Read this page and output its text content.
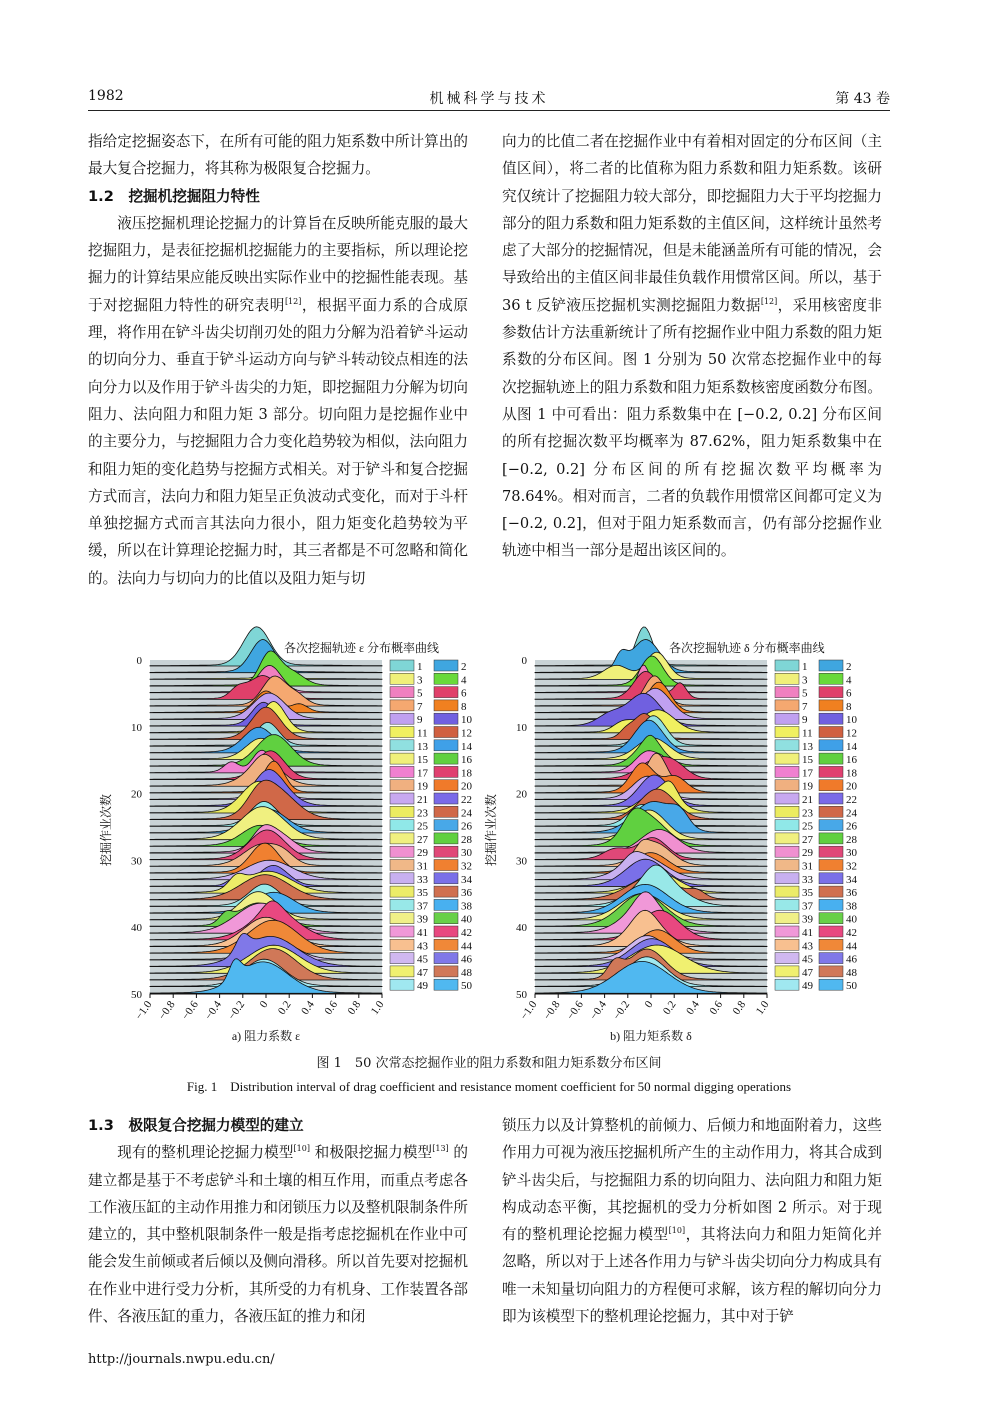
1982	机械科学与技术	第 43 卷

指给定挖掘姿态下，在所有可能的阻力矩系数中所计算出的最大复合挖掘力，将其称为极限复合挖掘力。

1.2　挖掘机挖掘阻力特性

液压挖掘机理论挖掘力的计算旨在反映所能克服的最大挖掘阻力，是表征挖掘机挖掘能力的主要指标，所以理论挖掘力的计算结果应能反映出实际作业中的挖掘性能表现。基于对挖掘阻力特性的研究表明[12]，根据平面力系的合成原理，将作用在铲斗齿尖切削刃处的阻力分解为沿着铲斗运动的切向分力、垂直于铲斗运动方向与铲斗转动铰点相连的法向分力以及作用于铲斗齿尖的力矩，即挖掘阻力分解为切向阻力、法向阻力和阻力矩 3 部分。切向阻力是挖掘作业中的主要分力，与挖掘阻力合力变化趋势较为相似，法向阻力和阻力矩的变化趋势与挖掘方式相关。对于铲斗和复合挖掘方式而言，法向力和阻力矩呈正负波动式变化，而对于斗杆单独挖掘方式而言其法向力很小，阻力矩变化趋势较为平缓，所以在计算理论挖掘力时，其三者都是不可忽略和简化的。法向力与切向力的比值以及阻力矩与切

向力的比值二者在挖掘作业中有着相对固定的分布区间（主值区间），将二者的比值称为阻力系数和阻力矩系数。该研究仅统计了挖掘阻力较大部分，即挖掘阻力大于平均挖掘力部分的阻力系数和阻力矩系数的主值区间，这样统计虽然考虑了大部分的挖掘情况，但是未能涵盖所有可能的情况，会导致给出的主值区间非最佳负载作用惯常区间。所以，基于 36 t 反铲液压挖掘机实测挖掘阻力数据[12]，采用核密度非参数估计方法重新统计了所有挖掘作业中阻力系数的阻力矩系数的分布区间。图 1 分别为 50 次常态挖掘作业中的每次挖掘轨迹上的阻力系数和阻力矩系数核密度函数分布图。从图 1 中可看出：阻力系数集中在 [−0.2, 0.2] 分布区间的所有挖掘次数平均概率为 87.62%，阻力矩系数集中在 [−0.2, 0.2] 分布区间的所有挖掘次数平均概率为 78.64%。相对而言，二者的负载作用惯常区间都可定义为 [−0.2, 0.2]，但对于阻力矩系数而言，仍有部分挖掘作业轨迹中相当一部分是超出该区间的。

各次挖掘轨迹 ε 分布概率曲线
0
10
20
30
40
50
挖掘作业次数
−1.0 −0.8 −0.6 −0.4 −0.2 0 0.2 0.4 0.6 0.8 1.0
a) 阻力系数 ε
1	2
3	4
5	6
7	8
9	10
11	12
13	14
15	16
17	18
19	20
21	22
23	24
25	26
27	28
29	30
31	32
33	34
35	36
37	38
39	40
41	42
43	44
45	46
47	48
49	50
各次挖掘轨迹 δ 分布概率曲线
0
10
20
30
40
50
挖掘作业次数
−1.0 −0.8 −0.6 −0.4 −0.2 0 0.2 0.4 0.6 0.8 1.0
b) 阻力矩系数 δ
1	2
3	4
5	6
7	8
9	10
11	12
13	14
15	16
17	18
19	20
21	22
23	24
25	26
27	28
29	30
31	32
33	34
35	36
37	38
39	40
41	42
43	44
45	46
47	48
49	50
图 1　50 次常态挖掘作业的阻力系数和阻力矩系数分布区间
Fig. 1　Distribution interval of drag coefficient and resistance moment coefficient for 50 normal digging operations
1.3　极限复合挖掘力模型的建立

现有的整机理论挖掘力模型[10] 和极限挖掘力模型[13] 的建立都是基于不考虑铲斗和土壤的相互作用，而重点考虑各工作液压缸的主动作用推力和闭锁压力以及整机限制条件所建立的，其中整机限制条件一般是指考虑挖掘机在作业中可能会发生前倾或者后倾以及侧向滑移。所以首先要对挖掘机在作业中进行受力分析，其所受的力有机身、工作装置各部件、各液压缸的重力，各液压缸的推力和闭

锁压力以及计算整机的前倾力、后倾力和地面附着力，这些作用力可视为液压挖掘机所产生的主动作用力，将其合成到铲斗齿尖后，与挖掘阻力系的切向阻力、法向阻力和阻力矩构成动态平衡，其挖掘机的受力分析如图 2 所示。对于现有的整机理论挖掘力模型[10]，其将法向力和阻力矩简化并忽略，所以对于上述各作用力与铲斗齿尖切向分力构成具有唯一未知量切向阻力的方程便可求解，该方程的解切向分力即为该模型下的整机理论挖掘力，其中对于铲

http://journals.nwpu.edu.cn/
